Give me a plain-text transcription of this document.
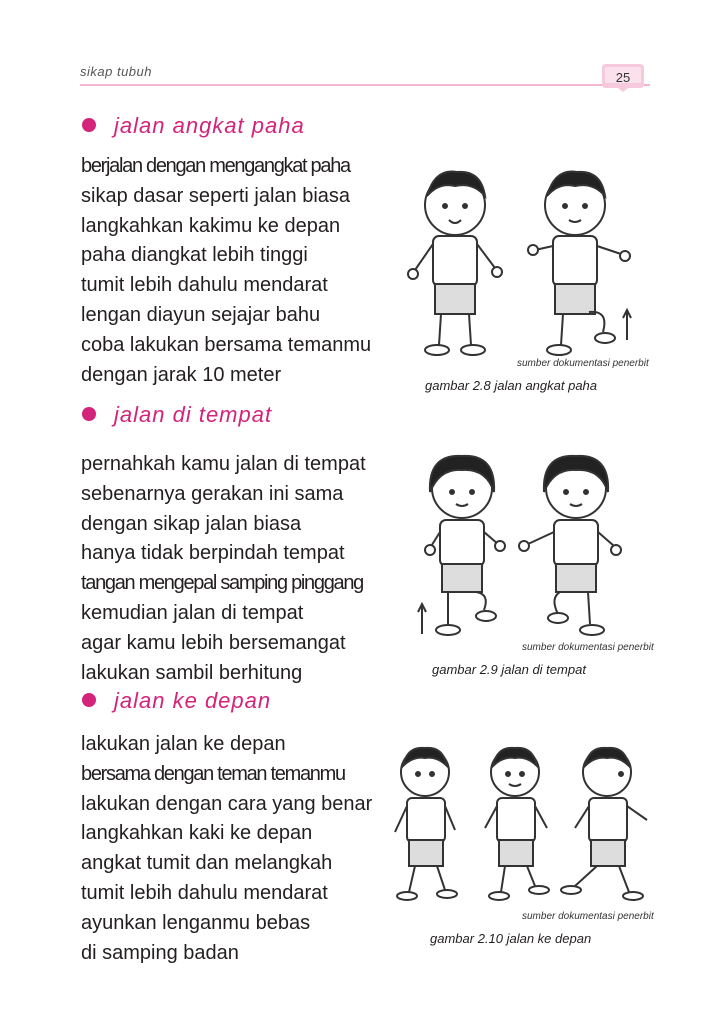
sikap tubuh	25
jalan angkat paha
berjalan dengan mengangkat paha
sikap dasar seperti jalan biasa
langkahkan kakimu ke depan
paha diangkat lebih tinggi
tumit lebih dahulu mendarat
lengan diayun sejajar bahu
coba lakukan bersama temanmu
dengan jarak 10 meter
sumber dokumentasi penerbit
gambar 2.8 jalan angkat paha
jalan di tempat
pernahkah kamu jalan di tempat
sebenarnya gerakan ini sama
dengan sikap jalan biasa
hanya tidak berpindah tempat
tangan mengepal samping pinggang
kemudian jalan di tempat
agar kamu lebih bersemangat
lakukan sambil berhitung
sumber dokumentasi penerbit
gambar 2.9 jalan di tempat
jalan ke depan
lakukan jalan ke depan
bersama dengan teman temanmu
lakukan dengan cara yang benar
langkahkan kaki ke depan
angkat tumit dan melangkah
tumit lebih dahulu mendarat
ayunkan lenganmu bebas
di samping badan
sumber dokumentasi penerbit
gambar 2.10 jalan ke depan
